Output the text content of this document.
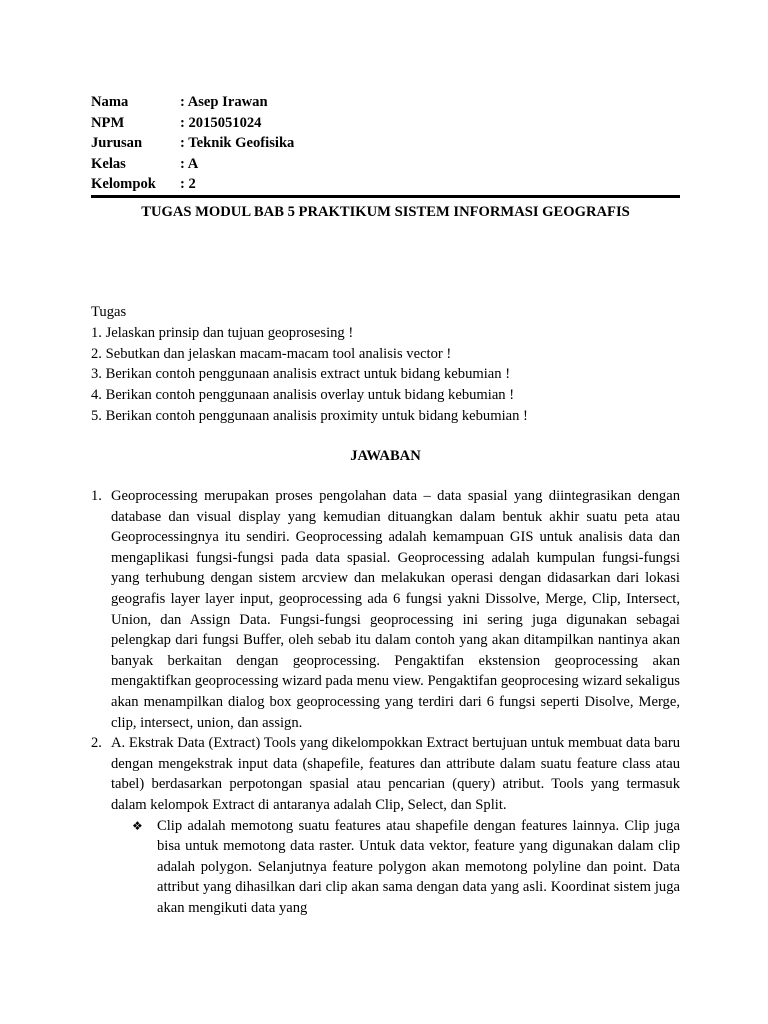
Nama	: Asep Irawan
NPM	: 2015051024
Jurusan	: Teknik Geofisika
Kelas	: A
Kelompok : 2
TUGAS MODUL BAB 5 PRAKTIKUM SISTEM INFORMASI GEOGRAFIS
Tugas
1. Jelaskan prinsip dan tujuan geoprosesing !
2. Sebutkan dan jelaskan macam-macam tool analisis vector !
3. Berikan contoh penggunaan analisis extract untuk bidang kebumian !
4. Berikan contoh penggunaan analisis overlay untuk bidang kebumian !
5. Berikan contoh penggunaan analisis proximity untuk bidang kebumian !
JAWABAN
1. Geoprocessing merupakan proses pengolahan data – data spasial yang diintegrasikan dengan database dan visual display yang kemudian dituangkan dalam bentuk akhir suatu peta atau Geoprocessingnya itu sendiri. Geoprocessing adalah kemampuan GIS untuk analisis data dan mengaplikasi fungsi-fungsi pada data spasial. Geoprocessing adalah kumpulan fungsi-fungsi yang terhubung dengan sistem arcview dan melakukan operasi dengan didasarkan dari lokasi geografis layer layer input, geoprocessing ada 6 fungsi yakni Dissolve, Merge, Clip, Intersect, Union, dan Assign Data. Fungsi-fungsi geoprocessing ini sering juga digunakan sebagai pelengkap dari fungsi Buffer, oleh sebab itu dalam contoh yang akan ditampilkan nantinya akan banyak berkaitan dengan geoprocessing. Pengaktifan ekstension geoprocessing akan mengaktifkan geoprocessing wizard pada menu view. Pengaktifan geoprocesing wizard sekaligus akan menampilkan dialog box geoprocessing yang terdiri dari 6 fungsi seperti Disolve, Merge, clip, intersect, union, dan assign.
2. A. Ekstrak Data (Extract) Tools yang dikelompokkan Extract bertujuan untuk membuat data baru dengan mengekstrak input data (shapefile, features dan attribute dalam suatu feature class atau tabel) berdasarkan perpotongan spasial atau pencarian (query) atribut. Tools yang termasuk dalam kelompok Extract di antaranya adalah Clip, Select, dan Split.
❖ Clip adalah memotong suatu features atau shapefile dengan features lainnya. Clip juga bisa untuk memotong data raster. Untuk data vektor, feature yang digunakan dalam clip adalah polygon. Selanjutnya feature polygon akan memotong polyline dan point. Data attribut yang dihasilkan dari clip akan sama dengan data yang asli. Koordinat sistem juga akan mengikuti data yang
